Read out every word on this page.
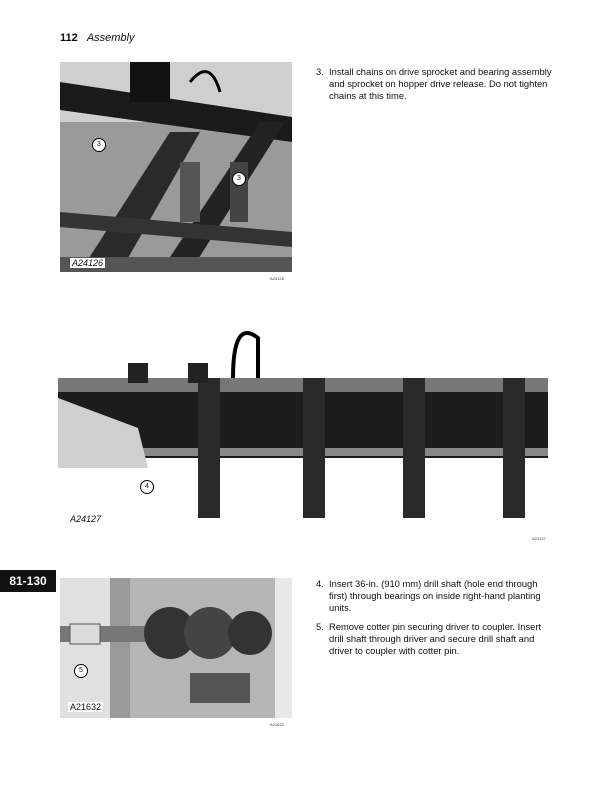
112 Assembly
3
3
A24126
A24126
3. Install chains on drive sprocket and bearing assembly and sprocket on hopper drive release. Do not tighten chains at this time.
4
A24127
A24127
81-130
5
A21632
A21632
4. Insert 36-in. (910 mm) drill shaft (hole end through first) through bearings on inside right-hand planting units.
5. Remove cotter pin securing driver to coupler. Insert drill shaft through driver and secure drill shaft and driver to coupler with cotter pin.
